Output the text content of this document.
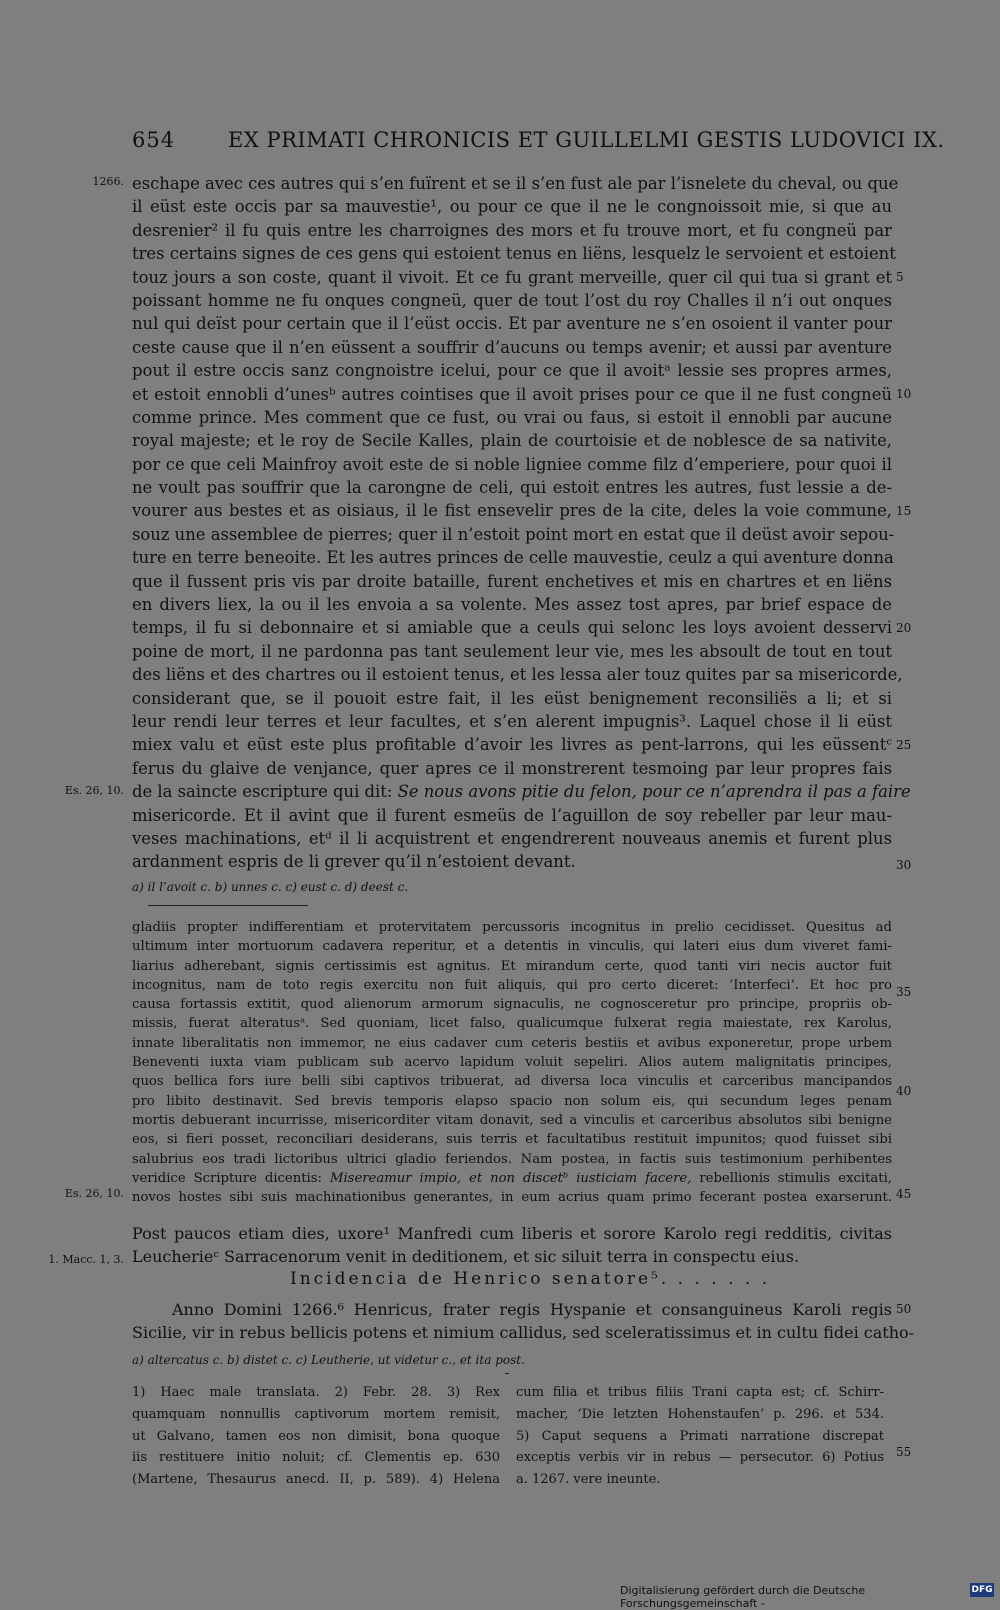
654	EX PRIMATI CHRONICIS ET GUILLELMI GESTIS LUDOVICI IX.
1266.
Es. 26, 10.
Es. 26, 10.
1. Macc. 1, 3.
5
10
15
20
25
30
35
40
45
50
55
eschape avec ces autres qui s’en fuïrent et se il s’en fust ale par l’isnelete du cheval, ou que
il eüst este occis par sa mauvestie¹, ou pour ce que il ne le congnoissoit mie, si que au
desrenier² il fu quis entre les charroignes des mors et fu trouve mort, et fu congneü par
tres certains signes de ces gens qui estoient tenus en liëns, lesquelz le servoient et estoient
touz jours a son coste, quant il vivoit. Et ce fu grant merveille, quer cil qui tua si grant et
poissant homme ne fu onques congneü, quer de tout l’ost du roy Challes il n’i out onques
nul qui deïst pour certain que il l’eüst occis. Et par aventure ne s’en osoient il vanter pour
ceste cause que il n’en eüssent a souffrir d’aucuns ou temps avenir; et aussi par aventure
pout il estre occis sanz congnoistre icelui, pour ce que il avoitᵃ lessie ses propres armes,
et estoit ennobli d’unesᵇ autres cointises que il avoit prises pour ce que il ne fust congneü
comme prince. Mes comment que ce fust, ou vrai ou faus, si estoit il ennobli par aucune
royal majeste; et le roy de Secile Kalles, plain de courtoisie et de noblesce de sa nativite,
por ce que celi Mainfroy avoit este de si noble ligniee comme filz d’emperiere, pour quoi il
ne voult pas souffrir que la carongne de celi, qui estoit entres les autres, fust lessie a de-
vourer aus bestes et as oisiaus, il le fist ensevelir pres de la cite, deles la voie commune,
souz une assemblee de pierres; quer il n’estoit point mort en estat que il deüst avoir sepou-
ture en terre beneoite. Et les autres princes de celle mauvestie, ceulz a qui aventure donna
que il fussent pris vis par droite bataille, furent enchetives et mis en chartres et en liëns
en divers liex, la ou il les envoia a sa volente. Mes assez tost apres, par brief espace de
temps, il fu si debonnaire et si amiable que a ceuls qui selonc les loys avoient desservi
poine de mort, il ne pardonna pas tant seulement leur vie, mes les absoult de tout en tout
des liëns et des chartres ou il estoient tenus, et les lessa aler touz quites par sa misericorde,
considerant que, se il pouoit estre fait, il les eüst benignement reconsiliës a li; et si
leur rendi leur terres et leur facultes, et s’en alerent impugnis³. Laquel chose il li eüst
miex valu et eüst este plus profitable d’avoir les livres as pent-larrons, qui les eüssentᶜ
ferus du glaive de venjance, quer apres ce il monstrerent tesmoing par leur propres fais
de la saincte escripture qui dit: Se nous avons pitie du felon, pour ce n’aprendra il pas a faire
misericorde. Et il avint que il furent esmeüs de l’aguillon de soy rebeller par leur mau-
veses machinations, etᵈ il li acquistrent et engendrerent nouveaus anemis et furent plus
ardanment espris de li grever qu’il n’estoient devant.
a) il l’avoit c. b) unnes c. c) eust c. d) deest c.
gladiis propter indifferentiam et protervitatem percussoris incognitus in prelio cecidisset. Quesitus ad
ultimum inter mortuorum cadavera reperitur, et a detentis in vinculis, qui lateri eius dum viveret fami-
liarius adherebant, signis certissimis est agnitus. Et mirandum certe, quod tanti viri necis auctor fuit
incognitus, nam de toto regis exercitu non fuit aliquis, qui pro certo diceret: ‘Interfeci’. Et hoc pro
causa fortassis extitit, quod alienorum armorum signaculis, ne cognosceretur pro principe, propriis ob-
missis, fuerat alteratusᵃ. Sed quoniam, licet falso, qualicumque fulxerat regia maiestate, rex Karolus,
innate liberalitatis non immemor, ne eius cadaver cum ceteris bestiis et avibus exponeretur, prope urbem
Beneventi iuxta viam publicam sub acervo lapidum voluit sepeliri. Alios autem malignitatis principes,
quos bellica fors iure belli sibi captivos tribuerat, ad diversa loca vinculis et carceribus mancipandos
pro libito destinavit. Sed brevis temporis elapso spacio non solum eis, qui secundum leges penam
mortis debuerant incurrisse, misericorditer vitam donavit, sed a vinculis et carceribus absolutos sibi benigne
eos, si fieri posset, reconciliari desiderans, suis terris et facultatibus restituit impunitos; quod fuisset sibi
salubrius eos tradi lictoribus ultrici gladio feriendos. Nam postea, in factis suis testimonium perhibentes
veridice Scripture dicentis: Misereamur impio, et non discetᵇ iusticiam facere, rebellionis stimulis excitati,
novos hostes sibi suis machinationibus generantes, in eum acrius quam primo fecerant postea exarserunt.
Post paucos etiam dies, uxore¹ Manfredi cum liberis et sorore Karolo regi redditis, civitas
Leucherieᶜ Sarracenorum venit in deditionem, et sic siluit terra in conspectu eius.
Incidencia de Henrico senatore⁵. . . . . . .
Anno Domini 1266.⁶ Henricus, frater regis Hyspanie et consanguineus Karoli regis
Sicilie, vir in rebus bellicis potens et nimium callidus, sed sceleratissimus et in cultu fidei catho-
a) altercatus c. b) distet c. c) Leutherie, ut videtur c., et ita post.
1) Haec male translata. 2) Febr. 28. 3) Rex
quamquam nonnullis captivorum mortem remisit,
ut Galvano, tamen eos non dimisit, bona quoque
iis restituere initio noluit; cf. Clementis ep. 630
(Martene, Thesaurus anecd. II, p. 589). 4) Helena
cum filia et tribus filiis Trani capta est; cf. Schirr-
macher, ‘Die letzten Hohenstaufen’ p. 296. et 534.
5) Caput sequens a Primati narratione discrepat
exceptis verbis vir in rebus — persecutor. 6) Potius
a. 1267. vere ineunte.
Digitalisierung gefördert durch die Deutsche Forschungsgemeinschaft -
DFG
